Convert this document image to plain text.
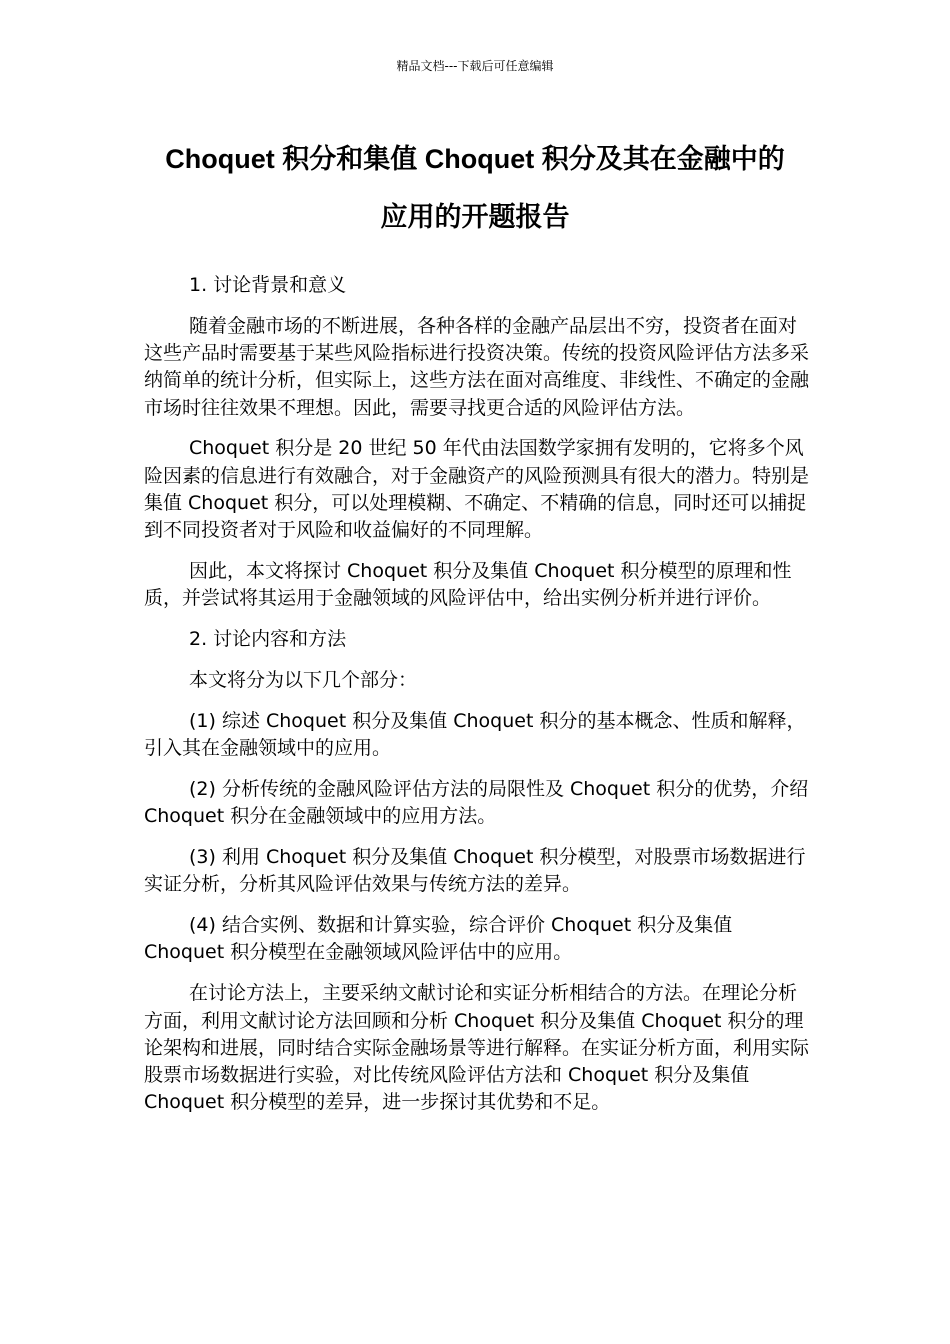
精品文档---下载后可任意编辑
Choquet 积分和集值 Choquet 积分及其在金融中的
应用的开题报告

1. 讨论背景和意义

随着金融市场的不断进展，各种各样的金融产品层出不穷，投资者在面对这些产品时需要基于某些风险指标进行投资决策。传统的投资风险评估方法多采纳简单的统计分析，但实际上，这些方法在面对高维度、非线性、不确定的金融市场时往往效果不理想。因此，需要寻找更合适的风险评估方法。

Choquet 积分是 20 世纪 50 年代由法国数学家拥有发明的，它将多个风险因素的信息进行有效融合，对于金融资产的风险预测具有很大的潜力。特别是集值 Choquet 积分，可以处理模糊、不确定、不精确的信息，同时还可以捕捉到不同投资者对于风险和收益偏好的不同理解。

因此，本文将探讨 Choquet 积分及集值 Choquet 积分模型的原理和性质，并尝试将其运用于金融领域的风险评估中，给出实例分析并进行评价。

2. 讨论内容和方法

本文将分为以下几个部分：

(1) 综述 Choquet 积分及集值 Choquet 积分的基本概念、性质和解释，引入其在金融领域中的应用。

(2) 分析传统的金融风险评估方法的局限性及 Choquet 积分的优势，介绍 Choquet 积分在金融领域中的应用方法。

(3) 利用 Choquet 积分及集值 Choquet 积分模型，对股票市场数据进行实证分析，分析其风险评估效果与传统方法的差异。

(4) 结合实例、数据和计算实验，综合评价 Choquet 积分及集值 Choquet 积分模型在金融领域风险评估中的应用。

在讨论方法上，主要采纳文献讨论和实证分析相结合的方法。在理论分析方面，利用文献讨论方法回顾和分析 Choquet 积分及集值 Choquet 积分的理论架构和进展，同时结合实际金融场景等进行解释。在实证分析方面，利用实际股票市场数据进行实验，对比传统风险评估方法和 Choquet 积分及集值 Choquet 积分模型的差异，进一步探讨其优势和不足。
